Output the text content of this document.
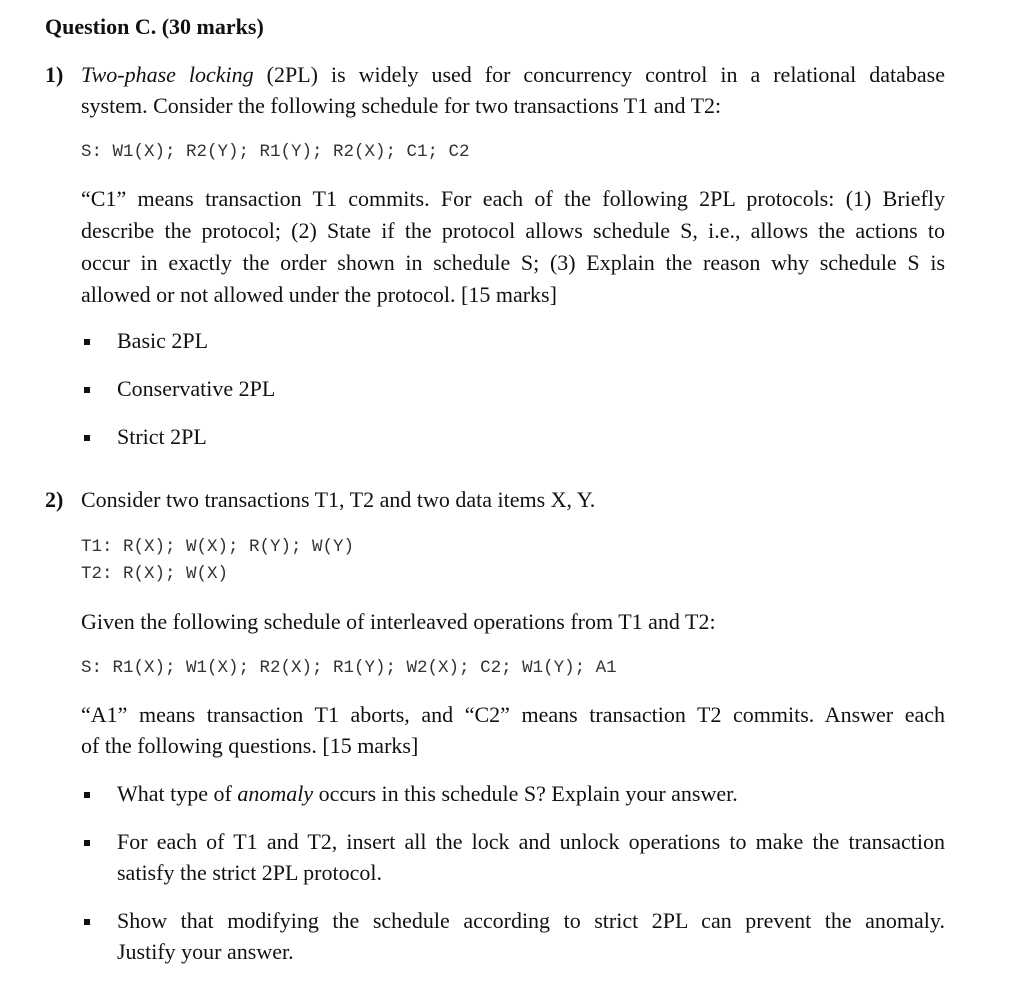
Question C. (30 marks)
1) Two-phase locking (2PL) is widely used for concurrency control in a relational database
system. Consider the following schedule for two transactions T1 and T2:
S: W1(X); R2(Y); R1(Y); R2(X); C1; C2
“C1” means transaction T1 commits. For each of the following 2PL protocols: (1) Briefly
describe the protocol; (2) State if the protocol allows schedule S, i.e., allows the actions to
occur in exactly the order shown in schedule S; (3) Explain the reason why schedule S is
allowed or not allowed under the protocol. [15 marks]
Basic 2PL
Conservative 2PL
Strict 2PL
2) Consider two transactions T1, T2 and two data items X, Y.
T1: R(X); W(X); R(Y); W(Y)
T2: R(X); W(X)
Given the following schedule of interleaved operations from T1 and T2:
S: R1(X); W1(X); R2(X); R1(Y); W2(X); C2; W1(Y); A1
“A1” means transaction T1 aborts, and “C2” means transaction T2 commits. Answer each
of the following questions. [15 marks]
What type of anomaly occurs in this schedule S? Explain your answer.
For each of T1 and T2, insert all the lock and unlock operations to make the transaction
satisfy the strict 2PL protocol.
Show that modifying the schedule according to strict 2PL can prevent the anomaly.
Justify your answer.
